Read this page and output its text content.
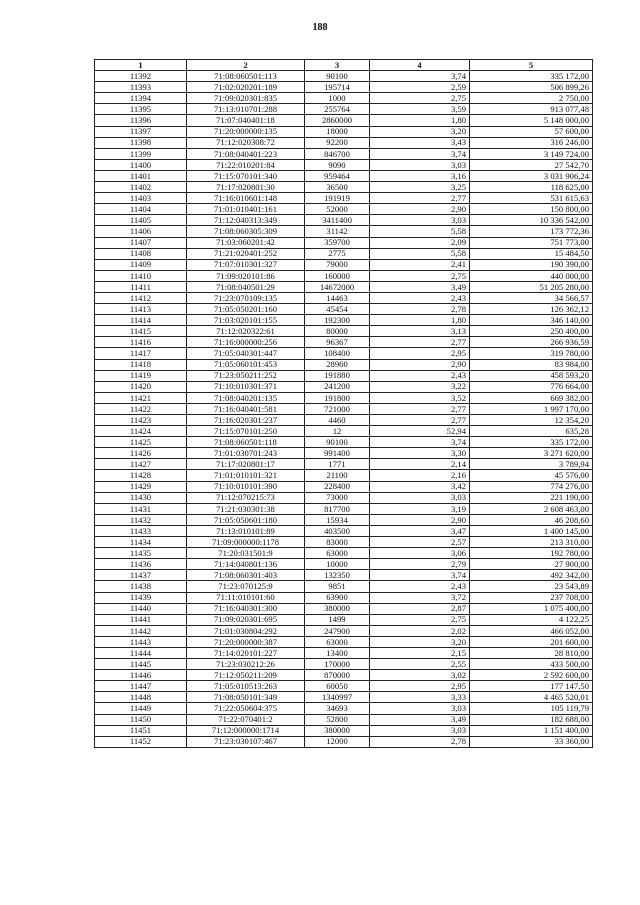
188
1	2	3	4	5
11392	71:08:060501:113	90100	3,74	335 172,00
11393	71:02:020201:189	195714	2,59	506 899,26
11394	71:09:020301:835	1000	2,75	2 750,00
11395	71:13:010701:288	255764	3,59	913 077,48
11396	71:07:040401:18	2860000	1,80	5 148 000,00
11397	71:20:000000:135	18000	3,20	57 600,00
11398	71:12:020308:72	92200	3,43	316 246,00
11399	71:08:040401:223	846700	3,74	3 149 724,00
11400	71:22:010201:84	9090	3,03	27 542,70
11401	71:15:070101:340	959464	3,16	3 031 906,24
11402	71:17:020801:30	36500	3,25	118 625,00
11403	71:16:010601:148	191919	2,77	531 615,63
11404	71:01:010401:161	52000	2,90	150 800,00
11405	71:12:040313:349	3411400	3,03	10 336 542,00
11406	71:08:060305:309	31142	5,58	173 772,36
11407	71:03:060201:42	359700	2,09	751 773,00
11408	71:21:020401:252	2775	5,58	15 484,50
11409	71:07:010301:327	79000	2,41	190 390,00
11410	71:09:020101:86	160000	2,75	440 000,00
11411	71:08:040501:29	14672000	3,49	51 205 280,00
11412	71:23:070109:135	14463	2,43	34 566,57
11413	71:05:050201:160	45454	2,78	126 362,12
11414	71:03:020101:155	192300	1,80	346 140,00
11415	71:12:020322:61	80000	3,13	250 400,00
11416	71:16:000000:256	96367	2,77	266 936,59
11417	71:05:040301:447	108400	2,95	319 780,00
11418	71:05:060101:453	28960	2,90	83 984,00
11419	71:23:050211:252	191880	2,43	458 593,20
11420	71:10:010301:371	241200	3,22	776 664,00
11421	71:08:040201:135	191800	3,52	669 382,00
11422	71:16:040401:581	721000	2,77	1 997 170,00
11423	71:16:020301:237	4460	2,77	12 354,20
11424	71:15:070101:250	12	52,94	635,28
11425	71:08:060501:118	90100	3,74	335 172,00
11426	71:01:030701:243	991400	3,30	3 271 620,00
11427	71:17:020801:17	1771	2,14	3 789,94
11428	71:01:010101:321	21100	2,16	45 576,00
11429	71:10:010101:390	228400	3,42	774 276,00
11430	71:12:070215:73	73000	3,03	221 190,00
11431	71:21:030301:38	817700	3,19	2 608 463,00
11432	71:05:050601:180	15934	2,90	46 208,60
11433	71:13:010101:89	403500	3,47	1 400 145,00
11434	71:09:000000:1178	83000	2,57	213 310,00
11435	71:20:031501:9	63000	3,06	192 780,00
11436	71:14:040801:136	10000	2,79	27 900,00
11437	71:08:060301:403	132350	3,74	492 342,00
11438	71:23:070125:9	9851	2,43	23 543,89
11439	71:11:010101:60	63900	3,72	237 708,00
11440	71:16:040301:300	380000	2,87	1 075 400,00
11441	71:09:020301:695	1499	2,75	4 122,25
11442	71:01:030804:292	247900	2,02	466 052,00
11443	71:20:000000:387	63000	3,20	201 600,00
11444	71:14:020101:227	13400	2,15	28 810,00
11445	71:23:030212:26	170000	2,55	433 500,00
11446	71:12:050211:209	870000	3,02	2 592 600,00
11447	71:05:010513:263	60050	2,95	177 147,50
11448	71:08:050101:349	1340997	3,33	4 465 520,01
11449	71:22:050604:375	34693	3,03	105 119,79
11450	71:22:070401:2	52800	3,49	182 688,00
11451	71:12:000000:1714	380000	3,03	1 151 400,00
11452	71:23:030107:467	12000	2,78	33 360,00
